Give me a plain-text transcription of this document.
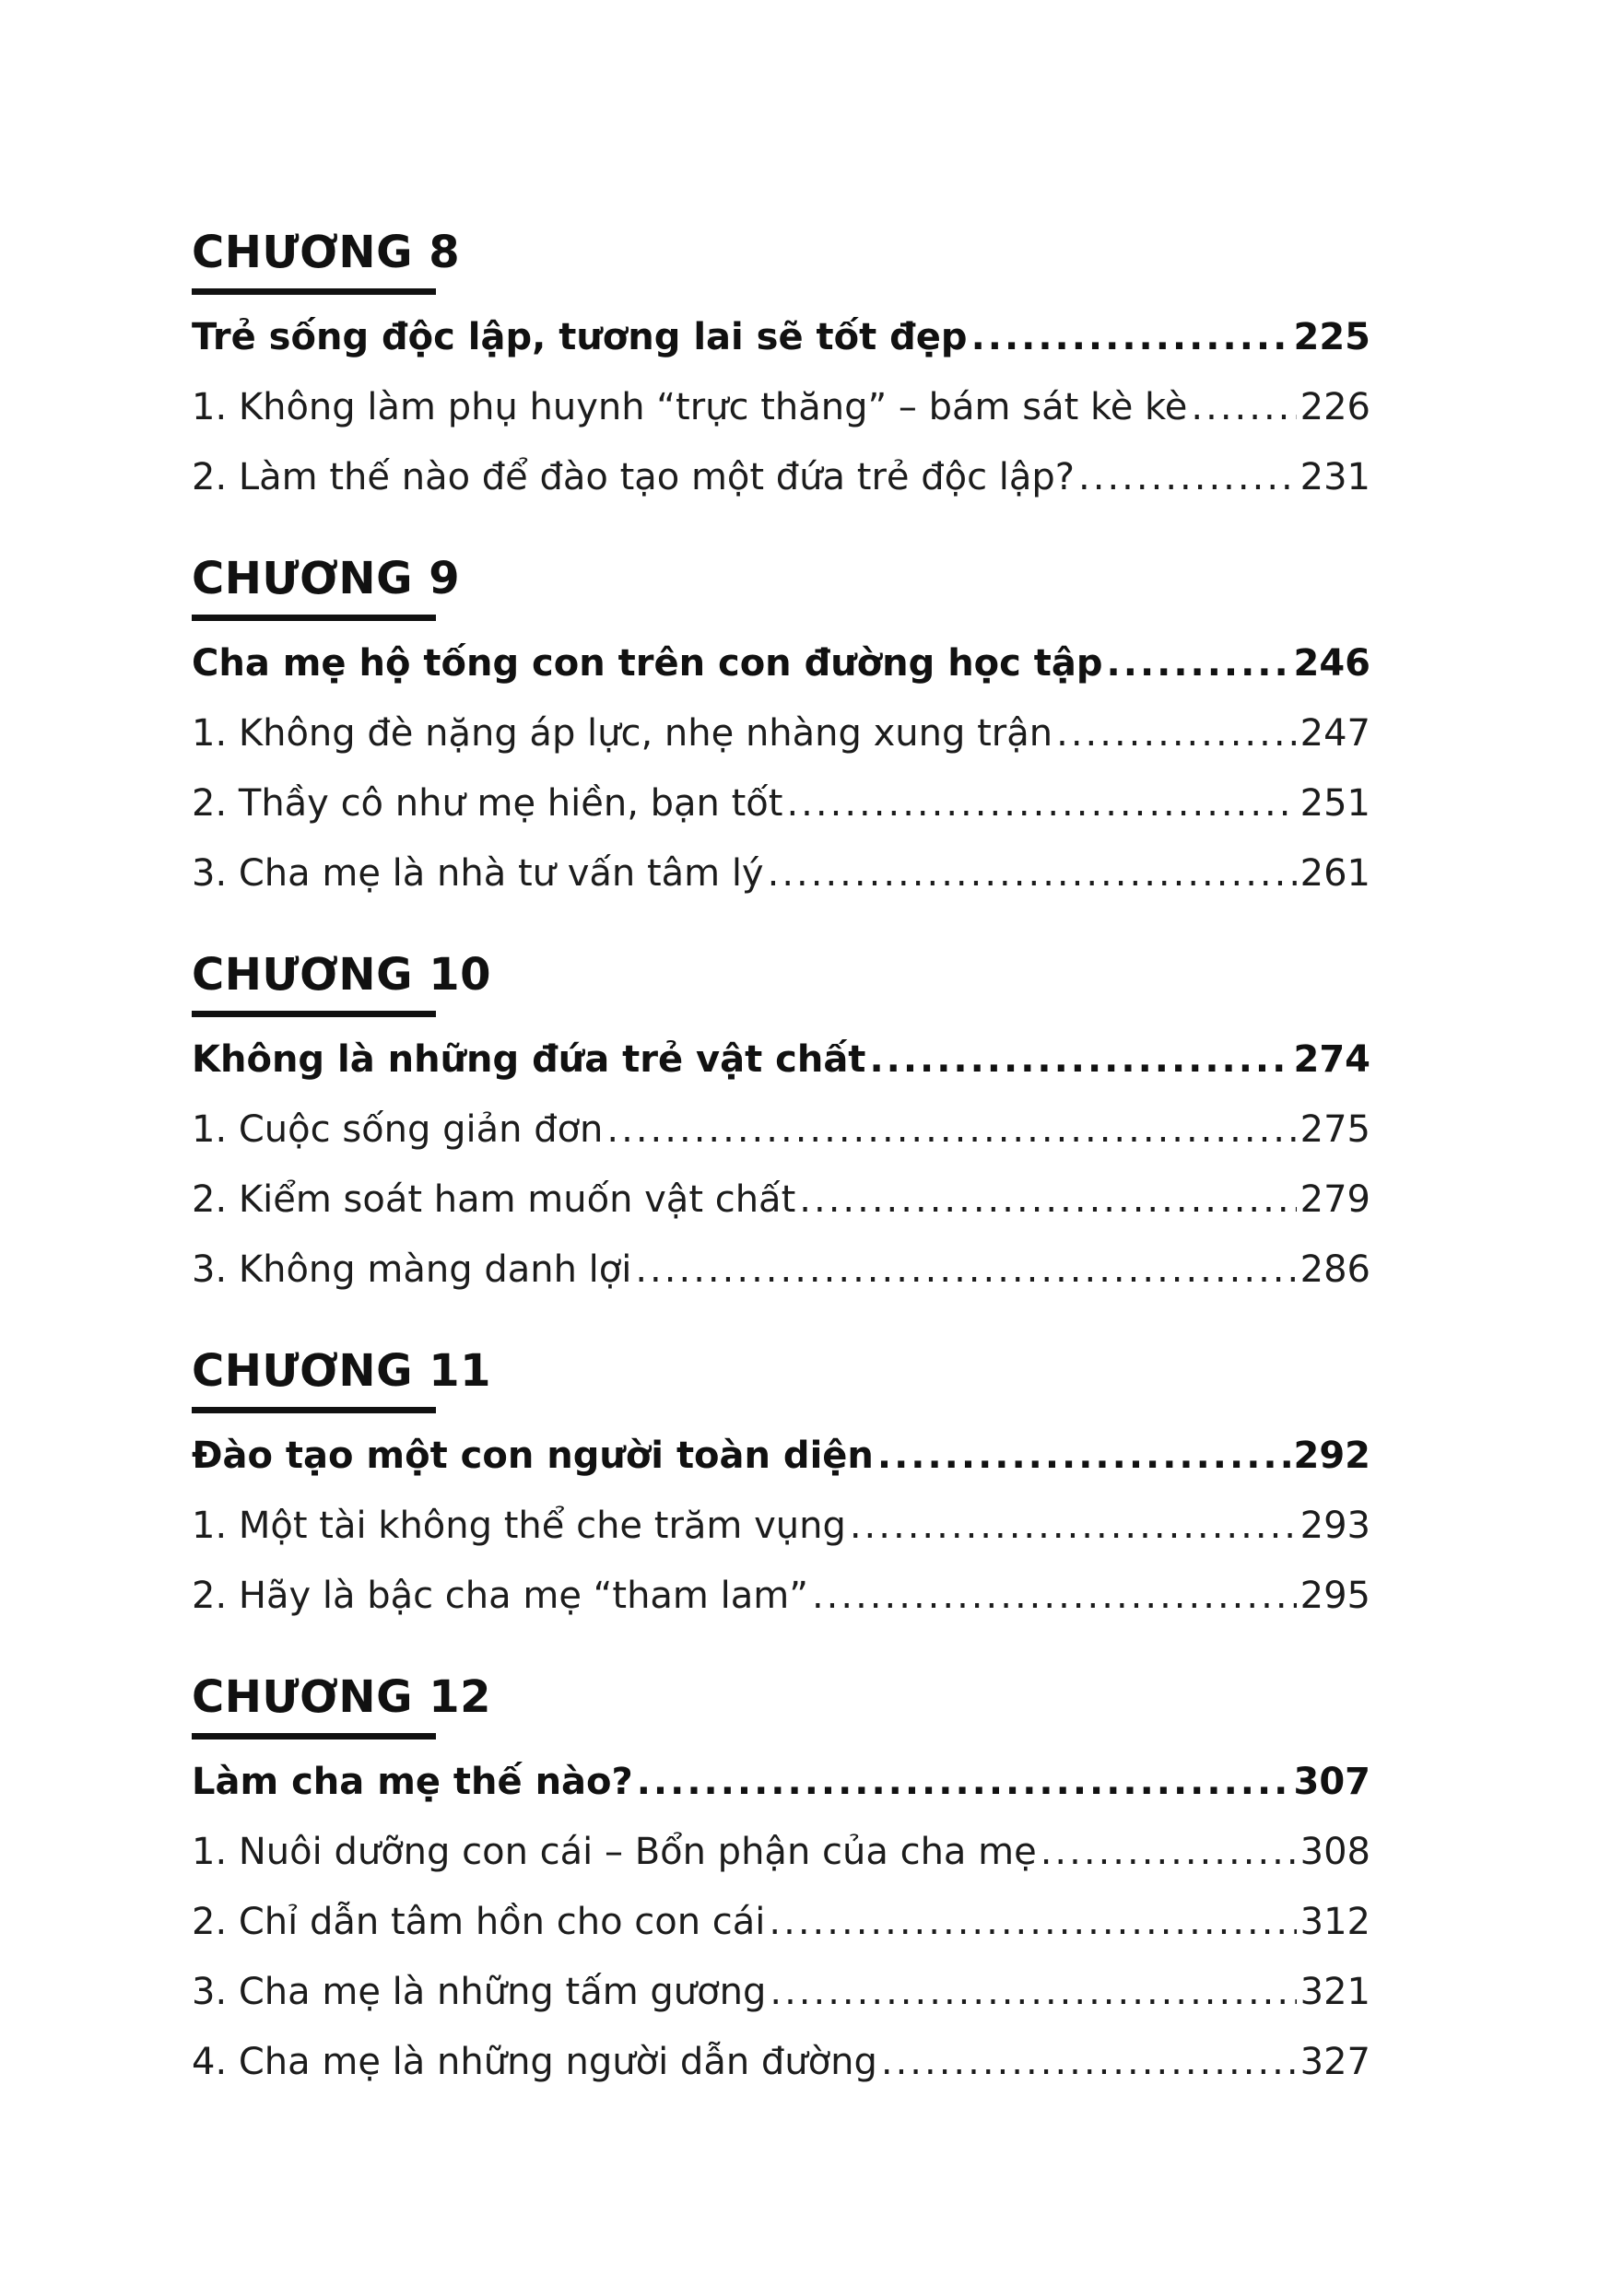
CHƯƠNG 8
Trẻ sống độc lập, tương lai sẽ tốt đẹp .....	225
1. Không làm phụ huynh “trực thăng” – bám sát kè kè .....	226
2. Làm thế nào để đào tạo một đứa trẻ độc lập? .....	231
CHƯƠNG 9
Cha mẹ hộ tống con trên con đường học tập .....	246
1. Không đè nặng áp lực, nhẹ nhàng xung trận .....	247
2. Thầy cô như mẹ hiền, bạn tốt .....	251
3. Cha mẹ là nhà tư vấn tâm lý .....	261
CHƯƠNG 10
Không là những đứa trẻ vật chất .....	274
1. Cuộc sống giản đơn .....	275
2. Kiểm soát ham muốn vật chất .....	279
3. Không màng danh lợi .....	286
CHƯƠNG 11
Đào tạo một con người toàn diện .....	292
1. Một tài không thể che trăm vụng .....	293
2. Hãy là bậc cha mẹ “tham lam” .....	295
CHƯƠNG 12
Làm cha mẹ thế nào? .....	307
1. Nuôi dưỡng con cái – Bổn phận của cha mẹ .....	308
2. Chỉ dẫn tâm hồn cho con cái .....	312
3. Cha mẹ là những tấm gương .....	321
4. Cha mẹ là những người dẫn đường .....	327
